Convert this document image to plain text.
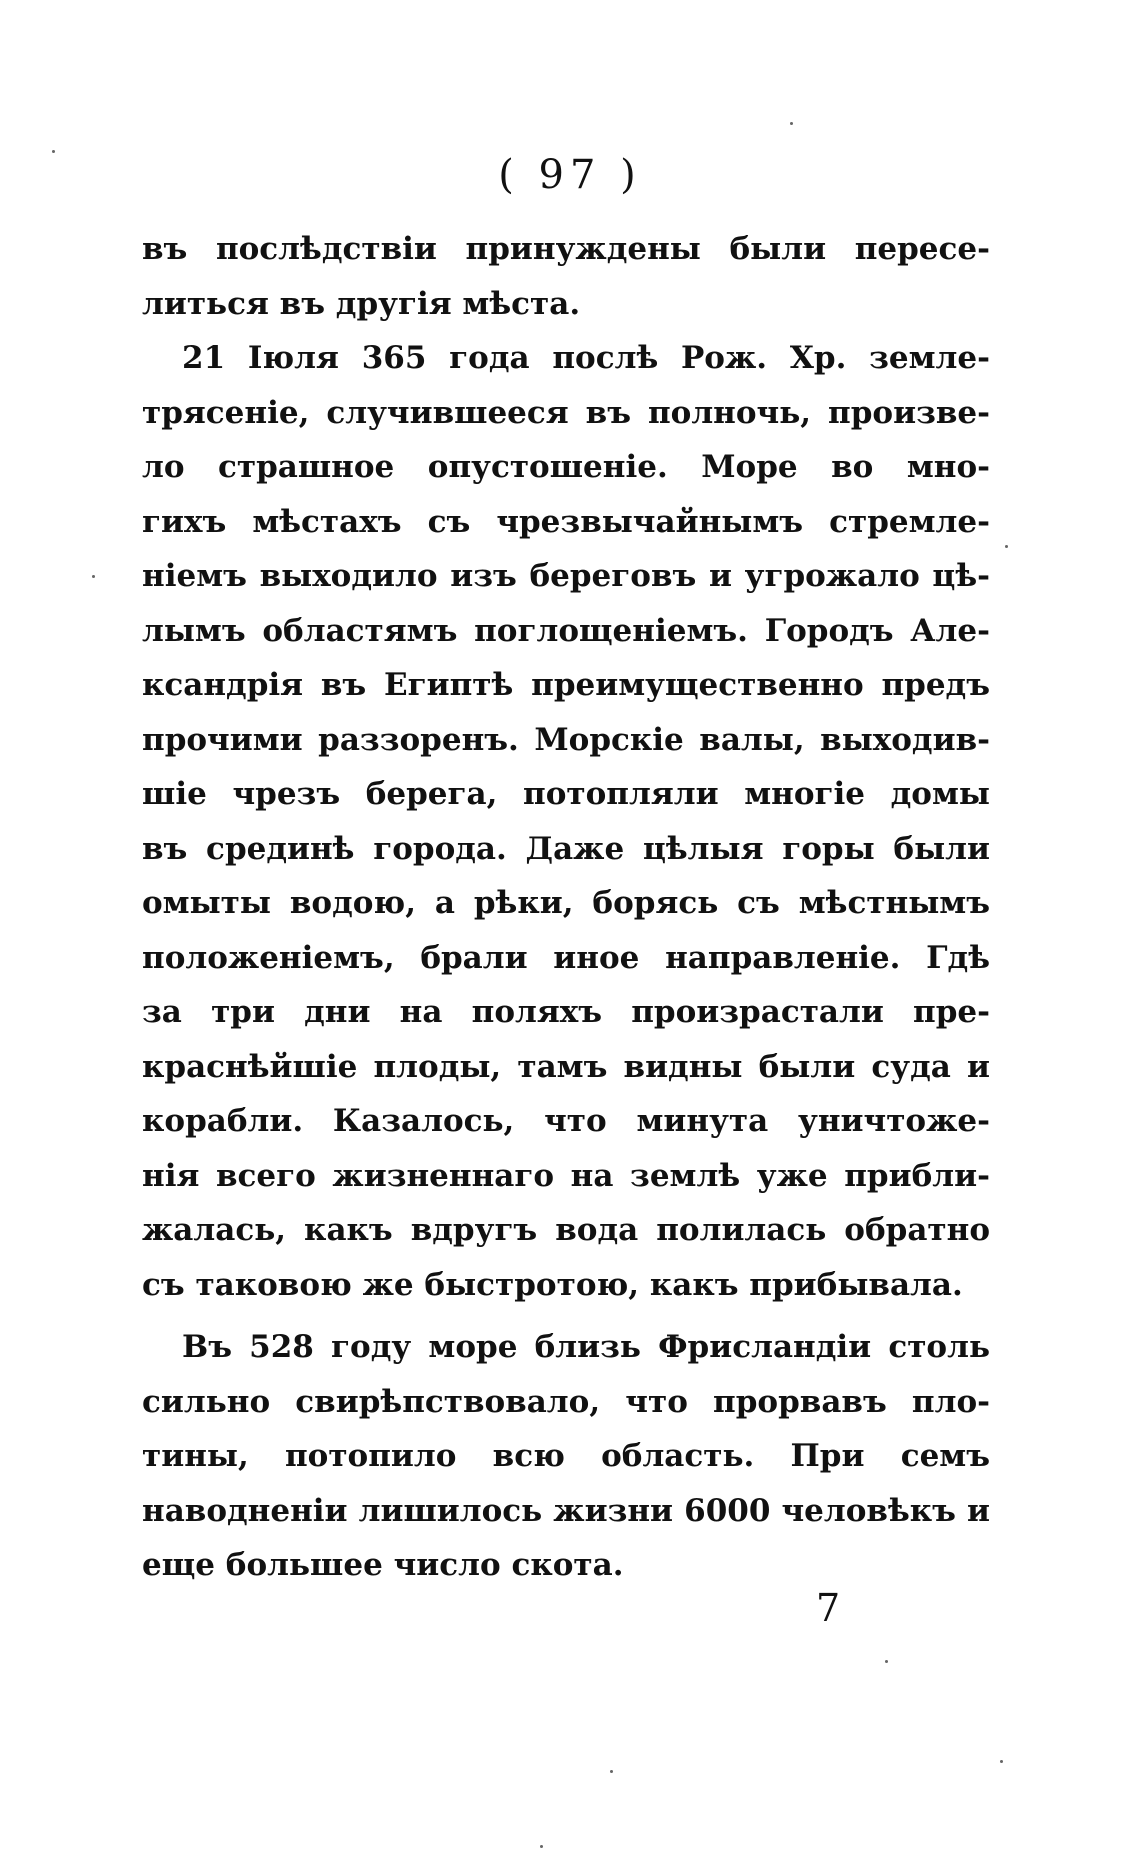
( 97 )
въ послѣдствіи принуждены были пересе-
литься въ другія мѣста.
21 Іюля 365 года послѣ Рож. Хр. земле-
трясеніе, случившееся въ полночь, произве-
ло страшное опустошеніе. Море во мно-
гихъ мѣстахъ съ чрезвычайнымъ стремле-
ніемъ выходило изъ береговъ и угрожало цѣ-
лымъ областямъ поглощеніемъ. Городъ Але-
ксандрія въ Египтѣ преимущественно предъ
прочими раззоренъ. Морскіе валы, выходив-
шіе чрезъ берега, потопляли многіе домы
въ срединѣ города. Даже цѣлыя горы были
омыты водою, а рѣки, борясь съ мѣстнымъ
положеніемъ, брали иное направленіе. Гдѣ
за три дни на поляхъ произрастали пре-
краснѣйшіе плоды, тамъ видны были суда и
корабли. Казалось, что минута уничтоже-
нія всего жизненнаго на землѣ уже прибли-
жалась, какъ вдругъ вода полилась обратно
съ таковою же быстротою, какъ прибывала.
Въ 528 году море близь Фрисландіи столь
сильно свирѣпствовало, что прорвавъ пло-
тины, потопило всю область. При семъ
наводненіи лишилось жизни 6000 человѣкъ и
еще большее число скота.
7
